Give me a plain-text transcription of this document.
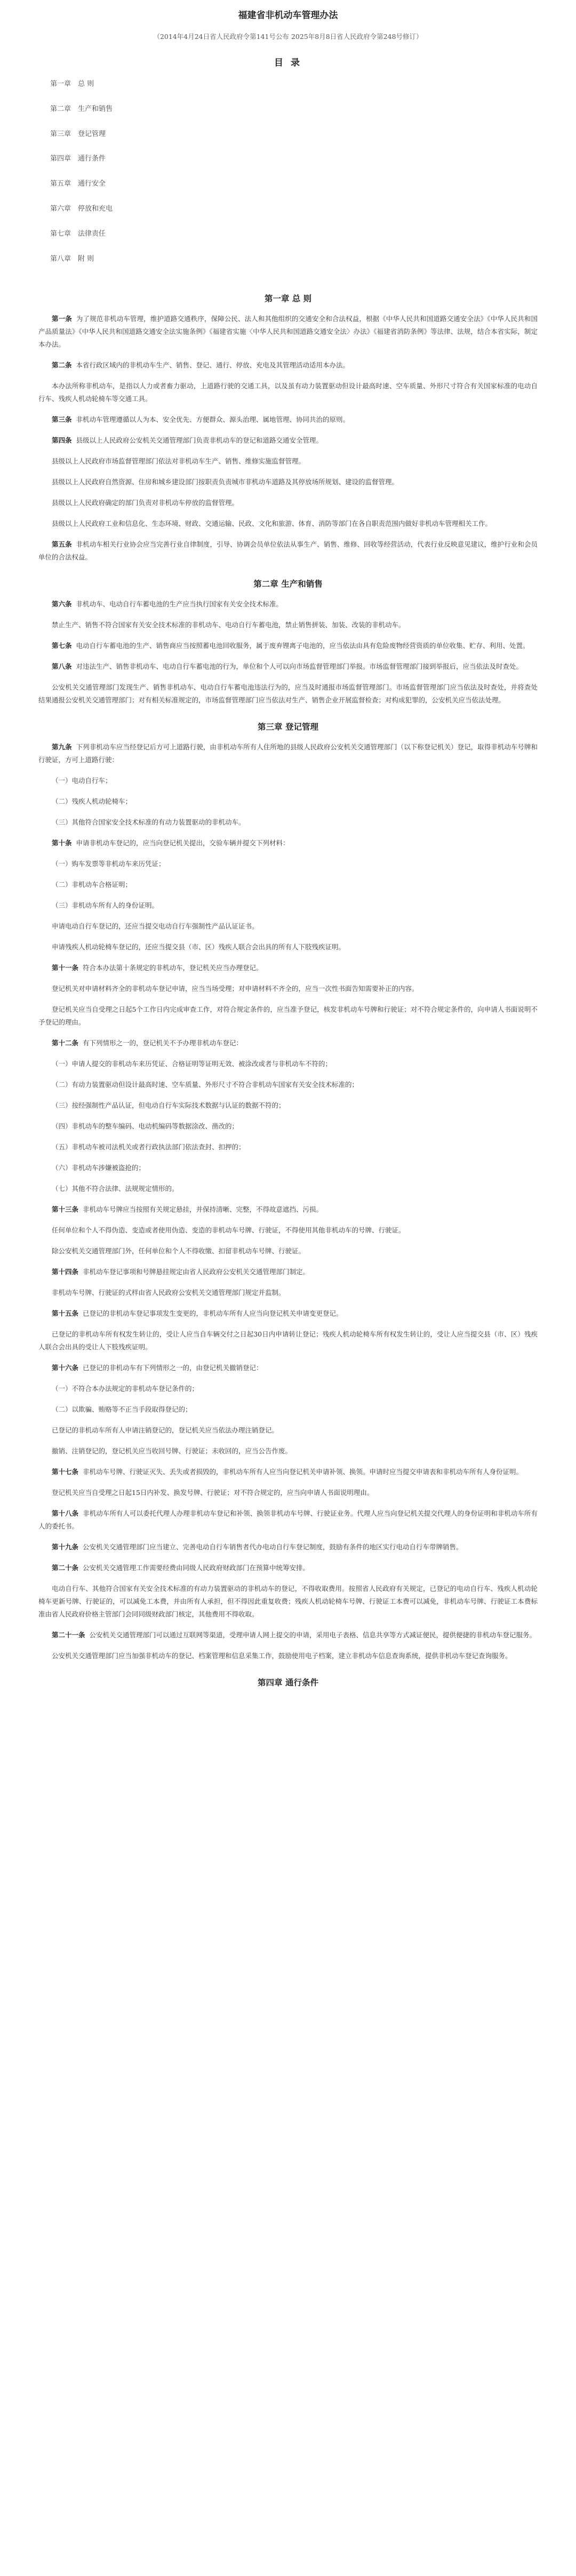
福建省非机动车管理办法
（2014年4月24日省人民政府令第141号公布 2025年8月8日省人民政府令第248号修订）
目 录
第一章 总 则
第二章 生产和销售
第三章 登记管理
第四章 通行条件
第五章 通行安全
第六章 停放和充电
第七章 法律责任
第八章 附 则
第一章 总 则

第一条 为了规范非机动车管理，维护道路交通秩序，保障公民、法人和其他组织的交通安全和合法权益，根据《中华人民共和国道路交通安全法》《中华人民共和国产品质量法》《中华人民共和国道路交通安全法实施条例》《福建省实施〈中华人民共和国道路交通安全法〉办法》《福建省消防条例》等法律、法规，结合本省实际，制定本办法。

第二条 本省行政区域内的非机动车生产、销售、登记、通行、停放、充电及其管理活动适用本办法。

本办法所称非机动车，是指以人力或者畜力驱动，上道路行驶的交通工具，以及虽有动力装置驱动但设计最高时速、空车质量、外形尺寸符合有关国家标准的电动自行车、残疾人机动轮椅车等交通工具。

第三条 非机动车管理遵循以人为本、安全优先、方便群众、源头治理、属地管理、协同共治的原则。

第四条 县级以上人民政府公安机关交通管理部门负责非机动车的登记和道路交通安全管理。

县级以上人民政府市场监督管理部门依法对非机动车生产、销售、维修实施监督管理。

县级以上人民政府自然资源、住房和城乡建设部门按职责负责城市非机动车道路及其停放场所规划、建设的监督管理。

县级以上人民政府确定的部门负责对非机动车停放的监督管理。

县级以上人民政府工业和信息化、生态环境、财政、交通运输、民政、文化和旅游、体育、消防等部门在各自职责范围内做好非机动车管理相关工作。

第五条 非机动车相关行业协会应当完善行业自律制度，引导、协调会员单位依法从事生产、销售、维修、回收等经营活动，代表行业反映意见建议，维护行业和会员单位的合法权益。

第二章 生产和销售

第六条 非机动车、电动自行车蓄电池的生产应当执行国家有关安全技术标准。

禁止生产、销售不符合国家有关安全技术标准的非机动车、电动自行车蓄电池，禁止销售拼装、加装、改装的非机动车。

第七条 电动自行车蓄电池的生产、销售商应当按照蓄电池回收服务，属于废弃锂离子电池的，应当依法由具有危险废物经营资质的单位收集、贮存、利用、处置。

第八条 对违法生产、销售非机动车、电动自行车蓄电池的行为，单位和个人可以向市场监督管理部门举报。市场监督管理部门接到举报后，应当依法及时查处。

公安机关交通管理部门发现生产、销售非机动车、电动自行车蓄电池违法行为的，应当及时通报市场监督管理部门。市场监督管理部门应当依法及时查处，并将查处结果通报公安机关交通管理部门；对有相关标准规定的，市场监督管理部门应当依法对生产、销售企业开展监督检查；对构成犯罪的，公安机关应当依法处理。

第三章 登记管理

第九条 下列非机动车应当经登记后方可上道路行驶，由非机动车所有人住所地的县级人民政府公安机关交通管理部门（以下称登记机关）登记，取得非机动车号牌和行驶证，方可上道路行驶：

（一）电动自行车；

（二）残疾人机动轮椅车；

（三）其他符合国家安全技术标准的有动力装置驱动的非机动车。

第十条 申请非机动车登记的，应当向登记机关提出，交验车辆并提交下列材料：

（一）购车发票等非机动车来历凭证；

（二）非机动车合格证明；

（三）非机动车所有人的身份证明。

申请电动自行车登记的，还应当提交电动自行车强制性产品认证证书。

申请残疾人机动轮椅车登记的，还应当提交县（市、区）残疾人联合会出具的所有人下肢残疾证明。

第十一条 符合本办法第十条规定的非机动车，登记机关应当办理登记。

登记机关对申请材料齐全的非机动车登记申请，应当当场受理；对申请材料不齐全的，应当一次性书面告知需要补正的内容。

登记机关应当自受理之日起5个工作日内完成审查工作，对符合规定条件的，应当准予登记，核发非机动车号牌和行驶证；对不符合规定条件的，向申请人书面说明不予登记的理由。

第十二条 有下列情形之一的，登记机关不予办理非机动车登记：

（一）申请人提交的非机动车来历凭证、合格证明等证明无效、被涂改或者与非机动车不符的；

（二）有动力装置驱动但设计最高时速、空车质量、外形尺寸不符合非机动车国家有关安全技术标准的；

（三）按经强制性产品认证，但电动自行车实际技术数据与认证的数据不符的；

（四）非机动车的整车编码、电动机编码等数据涂改、凿改的；

（五）非机动车被司法机关或者行政执法部门依法查封、扣押的；

（六）非机动车涉嫌被盗抢的；

（七）其他不符合法律、法规规定情形的。

第十三条 非机动车号牌应当按照有关规定悬挂，并保持清晰、完整，不得故意遮挡、污损。

任何单位和个人不得伪造、变造或者使用伪造、变造的非机动车号牌、行驶证，不得使用其他非机动车的号牌、行驶证。

除公安机关交通管理部门外，任何单位和个人不得收缴、扣留非机动车号牌、行驶证。

第十四条 非机动车登记事项和号牌悬挂规定由省人民政府公安机关交通管理部门制定。

非机动车号牌、行驶证的式样由省人民政府公安机关交通管理部门规定并监制。

第十五条 已登记的非机动车登记事项发生变更的，非机动车所有人应当向登记机关申请变更登记。

已登记的非机动车所有权发生转让的，受让人应当自车辆交付之日起30日内申请转让登记；残疾人机动轮椅车所有权发生转让的，受让人应当提交县（市、区）残疾人联合会出具的受让人下肢残疾证明。

第十六条 已登记的非机动车有下列情形之一的，由登记机关撤销登记：

（一）不符合本办法规定的非机动车登记条件的；

（二）以欺骗、贿赂等不正当手段取得登记的；

已登记的非机动车所有人申请注销登记的，登记机关应当依法办理注销登记。

撤销、注销登记的，登记机关应当收回号牌、行驶证；未收回的，应当公告作废。

第十七条 非机动车号牌、行驶证灭失、丢失或者损毁的，非机动车所有人应当向登记机关申请补领、换领。申请时应当提交申请表和非机动车所有人身份证明。

登记机关应当自受理之日起15日内补发、换发号牌、行驶证；对不符合规定的，应当向申请人书面说明理由。

第十八条 非机动车所有人可以委托代理人办理非机动车登记和补领、换领非机动车号牌、行驶证业务。代理人应当向登记机关提交代理人的身份证明和非机动车所有人的委托书。

第十九条 公安机关交通管理部门应当建立、完善电动自行车销售者代办电动自行车登记制度，鼓励有条件的地区实行电动自行车带牌销售。

第二十条 公安机关交通管理工作需要经费由同级人民政府财政部门在预算中统筹安排。

电动自行车、其他符合国家有关安全技术标准的有动力装置驱动的非机动车的登记，不得收取费用。按照省人民政府有关规定，已登记的电动自行车、残疾人机动轮椅车更新号牌、行驶证的，可以减免工本费，并由所有人承担，但不得因此重复收费；残疾人机动轮椅车号牌、行驶证工本费可以减免，非机动车号牌、行驶证工本费标准由省人民政府价格主管部门会同同级财政部门核定，其他费用不得收取。

第二十一条 公安机关交通管理部门可以通过互联网等渠道，受理申请人网上提交的申请，采用电子表格、信息共享等方式减证便民，提供便捷的非机动车登记服务。

公安机关交通管理部门应当加强非机动车的登记、档案管理和信息采集工作，鼓励使用电子档案，建立非机动车信息查询系统，提供非机动车登记查询服务。

第四章 通行条件
